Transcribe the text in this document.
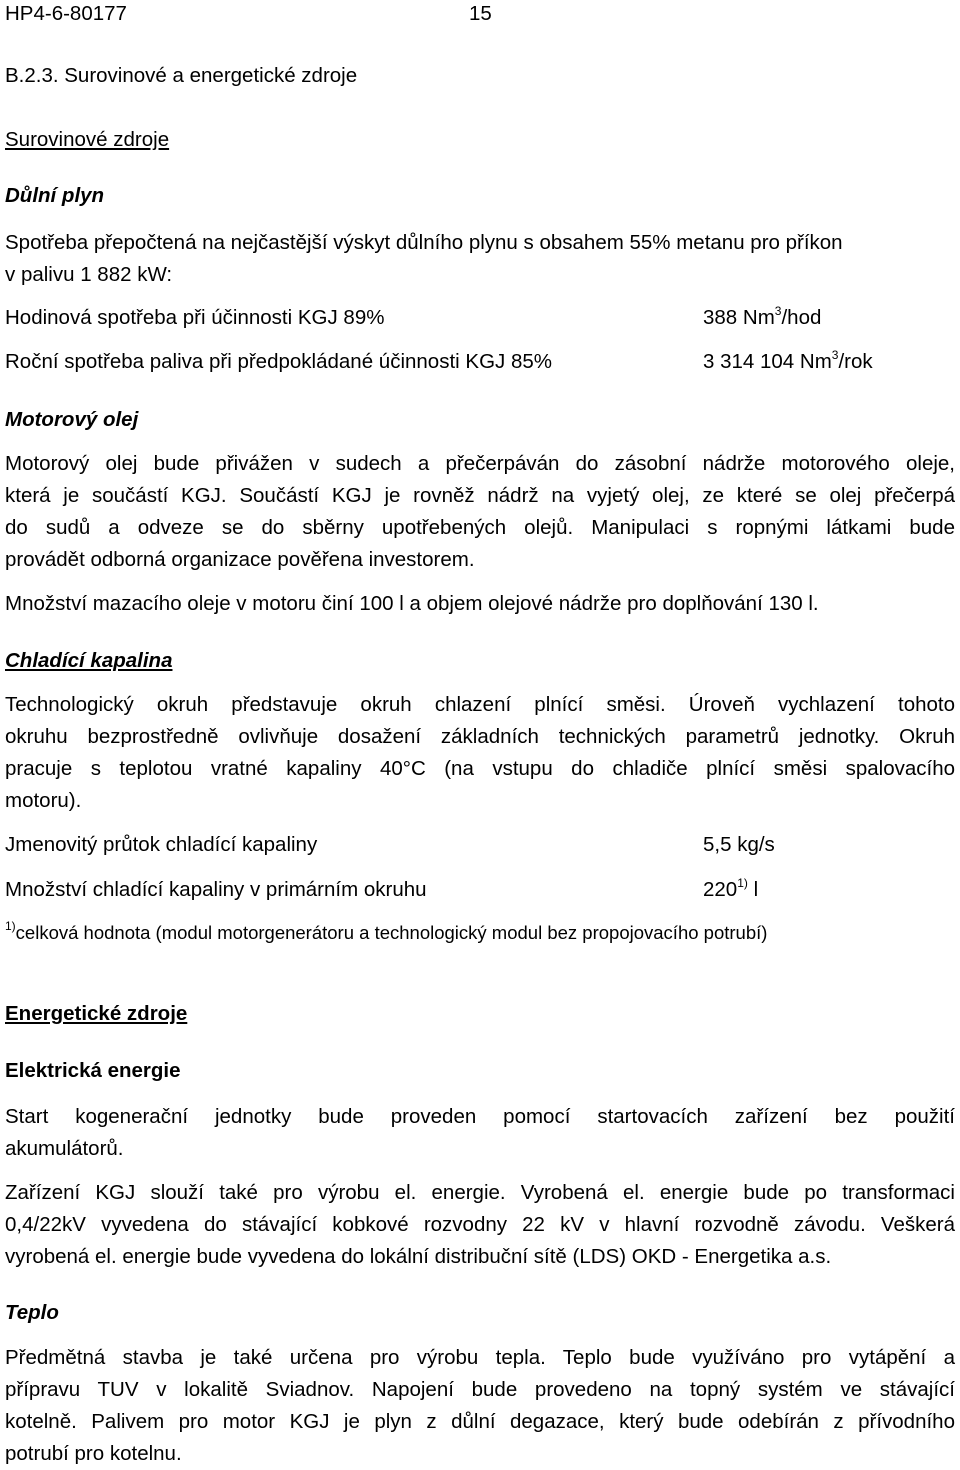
HP4-6-80177	15
B.2.3. Surovinové a energetické zdroje
Surovinové zdroje
Důlní plyn
Spotřeba přepočtená na nejčastější výskyt důlního plynu s obsahem 55% metanu pro příkon
v palivu 1 882 kW:
Hodinová spotřeba při účinnosti KGJ 89%	388 Nm$^3$/hod
Roční spotřeba paliva při předpokládané účinnosti KGJ 85%	3 314 104 Nm$^3$/rok
Motorový olej
Motorový olej bude přivážen v sudech a přečerpáván do zásobní nádrže motorového oleje,
která je součástí KGJ. Součástí KGJ je rovněž nádrž na vyjetý olej, ze které se olej přečerpá
do sudů a odveze se do sběrny upotřebených olejů. Manipulaci s ropnými látkami bude
provádět odborná organizace pověřena investorem.
Množství mazacího oleje v motoru činí 100 l a objem olejové nádrže pro doplňování 130 l.
Chladící kapalina
Technologický okruh představuje okruh chlazení plnící směsi. Úroveň vychlazení tohoto
okruhu bezprostředně ovlivňuje dosažení základních technických parametrů jednotky. Okruh
pracuje s teplotou vratné kapaliny 40°C (na vstupu do chladiče plnící směsi spalovacího
motoru).
Jmenovitý průtok chladící kapaliny	5,5 kg/s
Množství chladící kapaliny v primárním okruhu	220$^{1)}$ l
$^{1)}$celková hodnota (modul motorgenerátoru a technologický modul bez propojovacího potrubí)
Energetické zdroje
Elektrická energie
Start kogenerační jednotky bude proveden pomocí startovacích zařízení bez použití
akumulátorů.
Zařízení KGJ slouží také pro výrobu el. energie. Vyrobená el. energie bude po transformaci
0,4/22kV vyvedena do stávající kobkové rozvodny 22 kV v hlavní rozvodně závodu. Veškerá
vyrobená el. energie bude vyvedena do lokální distribuční sítě (LDS) OKD - Energetika a.s.
Teplo
Předmětná stavba je také určena pro výrobu tepla. Teplo bude využíváno pro vytápění a
přípravu TUV v lokalitě Sviadnov. Napojení bude provedeno na topný systém ve stávající
kotelně. Palivem pro motor KGJ je plyn z důlní degazace, který bude odebírán z přívodního
potrubí pro kotelnu.
